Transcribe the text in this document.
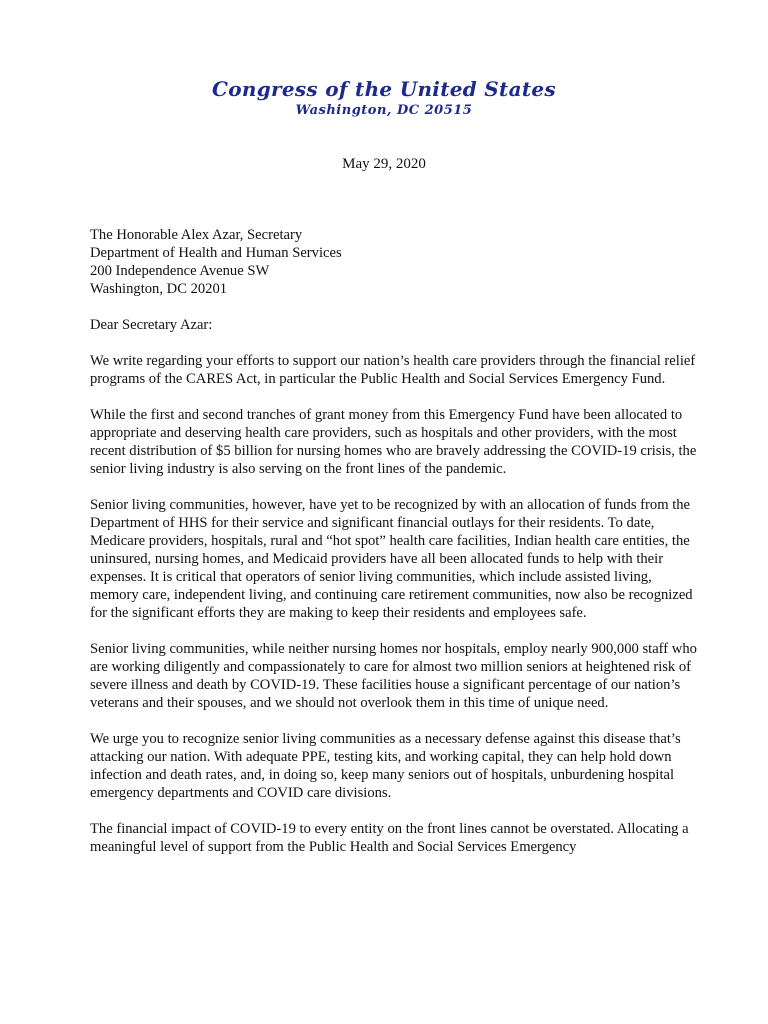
Congress of the United States
Washington, DC 20515
May 29, 2020
The Honorable Alex Azar, Secretary
Department of Health and Human Services
200 Independence Avenue SW
Washington, DC 20201
Dear Secretary Azar:

We write regarding your efforts to support our nation’s health care providers through the financial relief programs of the CARES Act, in particular the Public Health and Social Services Emergency Fund.

While the first and second tranches of grant money from this Emergency Fund have been allocated to appropriate and deserving health care providers, such as hospitals and other providers, with the most recent distribution of $5 billion for nursing homes who are bravely addressing the COVID-19 crisis, the senior living industry is also serving on the front lines of the pandemic.

Senior living communities, however, have yet to be recognized by with an allocation of funds from the Department of HHS for their service and significant financial outlays for their residents. To date, Medicare providers, hospitals, rural and “hot spot” health care facilities, Indian health care entities, the uninsured, nursing homes, and Medicaid providers have all been allocated funds to help with their expenses. It is critical that operators of senior living communities, which include assisted living, memory care, independent living, and continuing care retirement communities, now also be recognized for the significant efforts they are making to keep their residents and employees safe.

Senior living communities, while neither nursing homes nor hospitals, employ nearly 900,000 staff who are working diligently and compassionately to care for almost two million seniors at heightened risk of severe illness and death by COVID-19. These facilities house a significant percentage of our nation’s veterans and their spouses, and we should not overlook them in this time of unique need.

We urge you to recognize senior living communities as a necessary defense against this disease that’s attacking our nation. With adequate PPE, testing kits, and working capital, they can help hold down infection and death rates, and, in doing so, keep many seniors out of hospitals, unburdening hospital emergency departments and COVID care divisions.

The financial impact of COVID-19 to every entity on the front lines cannot be overstated. Allocating a meaningful level of support from the Public Health and Social Services Emergency
